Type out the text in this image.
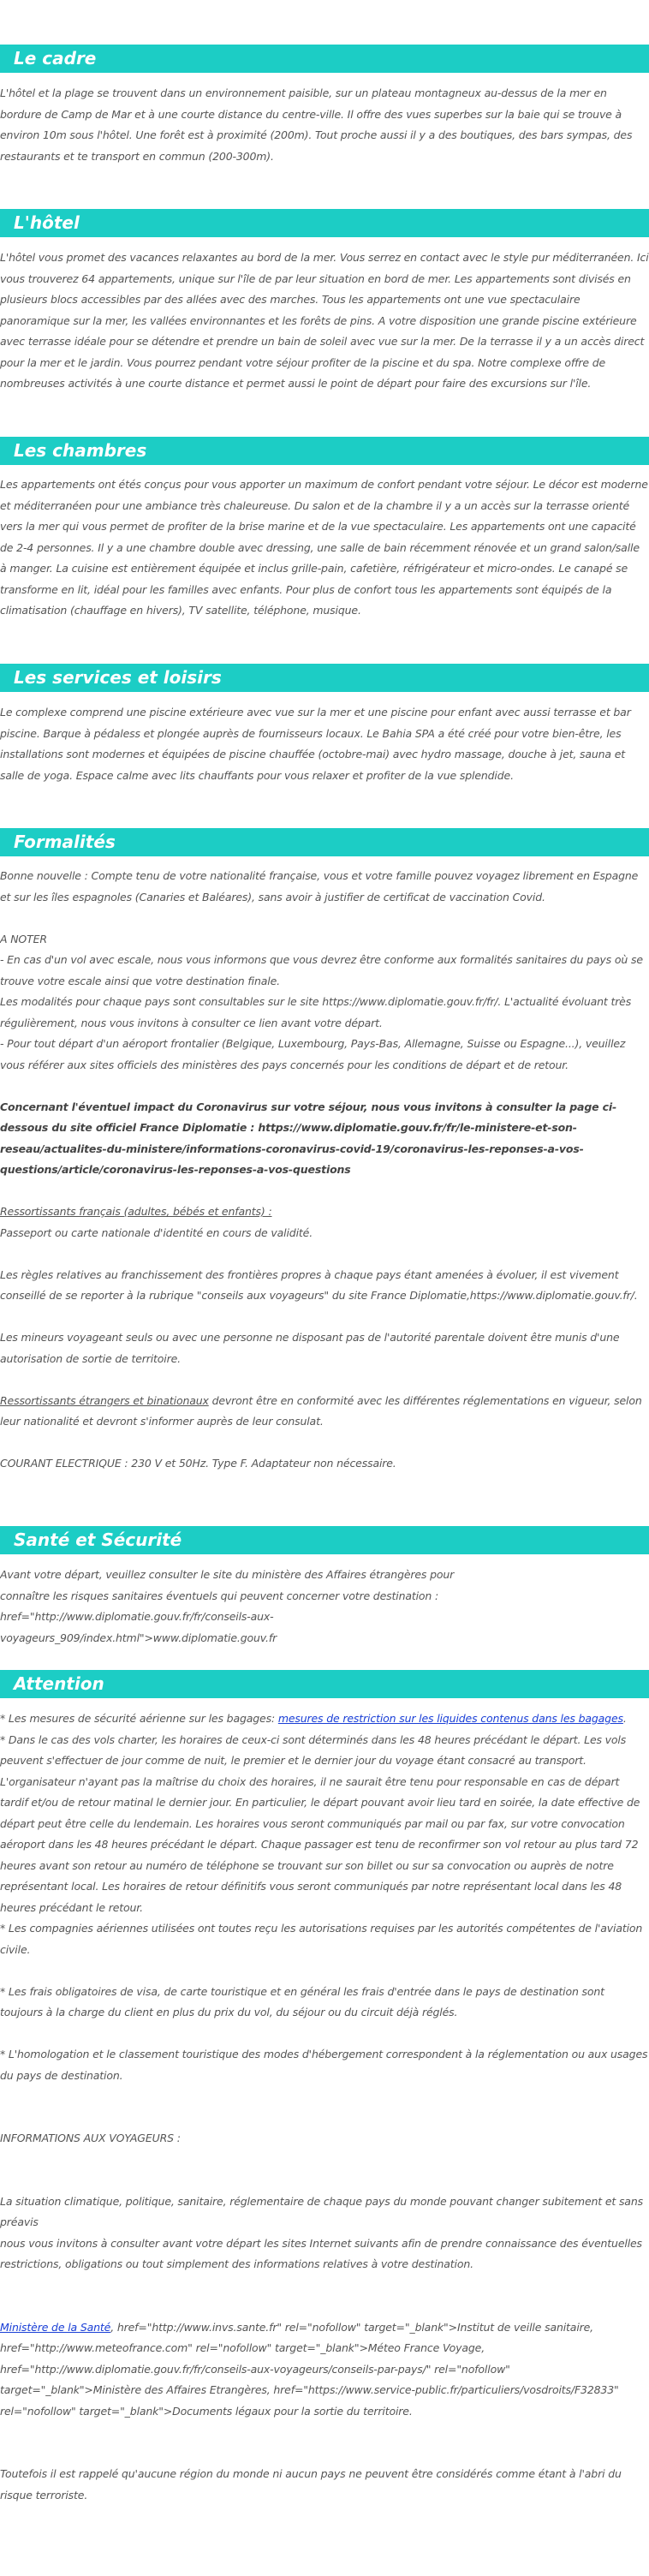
Le cadre

L'hôtel et la plage se trouvent dans un environnement paisible, sur un plateau montagneux au-dessus de la mer en bordure de Camp de Mar et à une courte distance du centre-ville. Il offre des vues superbes sur la baie qui se trouve à environ 10m sous l'hôtel. Une forêt est à proximité (200m). Tout proche aussi il y a des boutiques, des bars sympas, des restaurants et te transport en commun (200-300m).

L'hôtel

L'hôtel vous promet des vacances relaxantes au bord de la mer. Vous serrez en contact avec le style pur méditerranéen. Ici vous trouverez 64 appartements, unique sur l'île de par leur situation en bord de mer. Les appartements sont divisés en plusieurs blocs accessibles par des allées avec des marches. Tous les appartements ont une vue spectaculaire panoramique sur la mer, les vallées environnantes et les forêts de pins. A votre disposition une grande piscine extérieure avec terrasse idéale pour se détendre et prendre un bain de soleil avec vue sur la mer. De la terrasse il y a un accès direct pour la mer et le jardin. Vous pourrez pendant votre séjour profiter de la piscine et du spa. Notre complexe offre de nombreuses activités à une courte distance et permet aussi le point de départ pour faire des excursions sur l'île.

Les chambres

Les appartements ont étés conçus pour vous apporter un maximum de confort pendant votre séjour. Le décor est moderne et méditerranéen pour une ambiance très chaleureuse. Du salon et de la chambre il y a un accès sur la terrasse orienté vers la mer qui vous permet de profiter de la brise marine et de la vue spectaculaire. Les appartements ont une capacité de 2-4 personnes. Il y a une chambre double avec dressing, une salle de bain récemment rénovée et un grand salon/salle à manger. La cuisine est entièrement équipée et inclus grille-pain, cafetière, réfrigérateur et micro-ondes. Le canapé se transforme en lit, idéal pour les familles avec enfants. Pour plus de confort tous les appartements sont équipés de la climatisation (chauffage en hivers), TV satellite, téléphone, musique.

Les services et loisirs

Le complexe comprend une piscine extérieure avec vue sur la mer et une piscine pour enfant avec aussi terrasse et bar piscine. Barque à pédaless et plongée auprès de fournisseurs locaux. Le Bahia SPA a été créé pour votre bien-être, les installations sont modernes et équipées de piscine chauffée (octobre-mai) avec hydro massage, douche à jet, sauna et salle de yoga. Espace calme avec lits chauffants pour vous relaxer et profiter de la vue splendide.

Formalités
Bonne nouvelle : Compte tenu de votre nationalité française, vous et votre famille pouvez voyagez librement en Espagne et sur les îles espagnoles (Canaries et Baléares), sans avoir à justifier de certificat de vaccination Covid.
A NOTER
- En cas d'un vol avec escale, nous vous informons que vous devrez être conforme aux formalités sanitaires du pays où se trouve votre escale ainsi que votre destination finale.
Les modalités pour chaque pays sont consultables sur le site https://www.diplomatie.gouv.fr/fr/. L'actualité évoluant très régulièrement, nous vous invitons à consulter ce lien avant votre départ.
- Pour tout départ d'un aéroport frontalier (Belgique, Luxembourg, Pays-Bas, Allemagne, Suisse ou Espagne...), veuillez vous référer aux sites officiels des ministères des pays concernés pour les conditions de départ et de retour.
Concernant l'éventuel impact du Coronavirus sur votre séjour, nous vous invitons à consulter la page ci-dessous du site officiel France Diplomatie : https://www.diplomatie.gouv.fr/fr/le-ministere-et-son-reseau/actualites-du-ministere/informations-coronavirus-covid-19/coronavirus-les-reponses-a-vos-questions/article/coronavirus-les-reponses-a-vos-questions
Ressortissants français (adultes, bébés et enfants) :
Passeport ou carte nationale d'identité en cours de validité.
Les règles relatives au franchissement des frontières propres à chaque pays étant amenées à évoluer, il est vivement conseillé de se reporter à la rubrique "conseils aux voyageurs" du site France Diplomatie,https://www.diplomatie.gouv.fr/.
Les mineurs voyageant seuls ou avec une personne ne disposant pas de l'autorité parentale doivent être munis d'une autorisation de sortie de territoire.
Ressortissants étrangers et binationaux devront être en conformité avec les différentes réglementations en vigueur, selon leur nationalité et devront s'informer auprès de leur consulat.
COURANT ELECTRIQUE : 230 V et 50Hz. Type F. Adaptateur non nécessaire.
Santé et Sécurité

Avant votre départ, veuillez consulter le site du ministère des Affaires étrangères pour connaître les risques sanitaires éventuels qui peuvent concerner votre destination : href="http://www.diplomatie.gouv.fr/fr/conseils-aux-voyageurs_909/index.html">www.diplomatie.gouv.fr

Attention
* Les mesures de sécurité aérienne sur les bagages: mesures de restriction sur les liquides contenus dans les bagages.
* Dans le cas des vols charter, les horaires de ceux-ci sont déterminés dans les 48 heures précédant le départ. Les vols peuvent s'effectuer de jour comme de nuit, le premier et le dernier jour du voyage étant consacré au transport. L'organisateur n'ayant pas la maîtrise du choix des horaires, il ne saurait être tenu pour responsable en cas de départ tardif et/ou de retour matinal le dernier jour. En particulier, le départ pouvant avoir lieu tard en soirée, la date effective de départ peut être celle du lendemain. Les horaires vous seront communiqués par mail ou par fax, sur votre convocation aéroport dans les 48 heures précédant le départ. Chaque passager est tenu de reconfirmer son vol retour au plus tard 72 heures avant son retour au numéro de téléphone se trouvant sur son billet ou sur sa convocation ou auprès de notre représentant local. Les horaires de retour définitifs vous seront communiqués par notre représentant local dans les 48 heures précédant le retour.
* Les compagnies aériennes utilisées ont toutes reçu les autorisations requises par les autorités compétentes de l'aviation civile.
* Les frais obligatoires de visa, de carte touristique et en général les frais d'entrée dans le pays de destination sont toujours à la charge du client en plus du prix du vol, du séjour ou du circuit déjà réglés.
* L'homologation et le classement touristique des modes d'hébergement correspondent à la réglementation ou aux usages du pays de destination.
INFORMATIONS AUX VOYAGEURS :
La situation climatique, politique, sanitaire, réglementaire de chaque pays du monde pouvant changer subitement et sans préavis
nous vous invitons à consulter avant votre départ les sites Internet suivants afin de prendre connaissance des éventuelles restrictions, obligations ou tout simplement des informations relatives à votre destination.
Ministère de la Santé, href="http://www.invs.sante.fr" rel="nofollow" target="_blank">Institut de veille sanitaire, href="http://www.meteofrance.com" rel="nofollow" target="_blank">Méteo France Voyage, href="http://www.diplomatie.gouv.fr/fr/conseils-aux-voyageurs/conseils-par-pays/" rel="nofollow" target="_blank">Ministère des Affaires Etrangères, href="https://www.service-public.fr/particuliers/vosdroits/F32833" rel="nofollow" target="_blank">Documents légaux pour la sortie du territoire.
Toutefois il est rappelé qu'aucune région du monde ni aucun pays ne peuvent être considérés comme étant à l'abri du risque terroriste.
